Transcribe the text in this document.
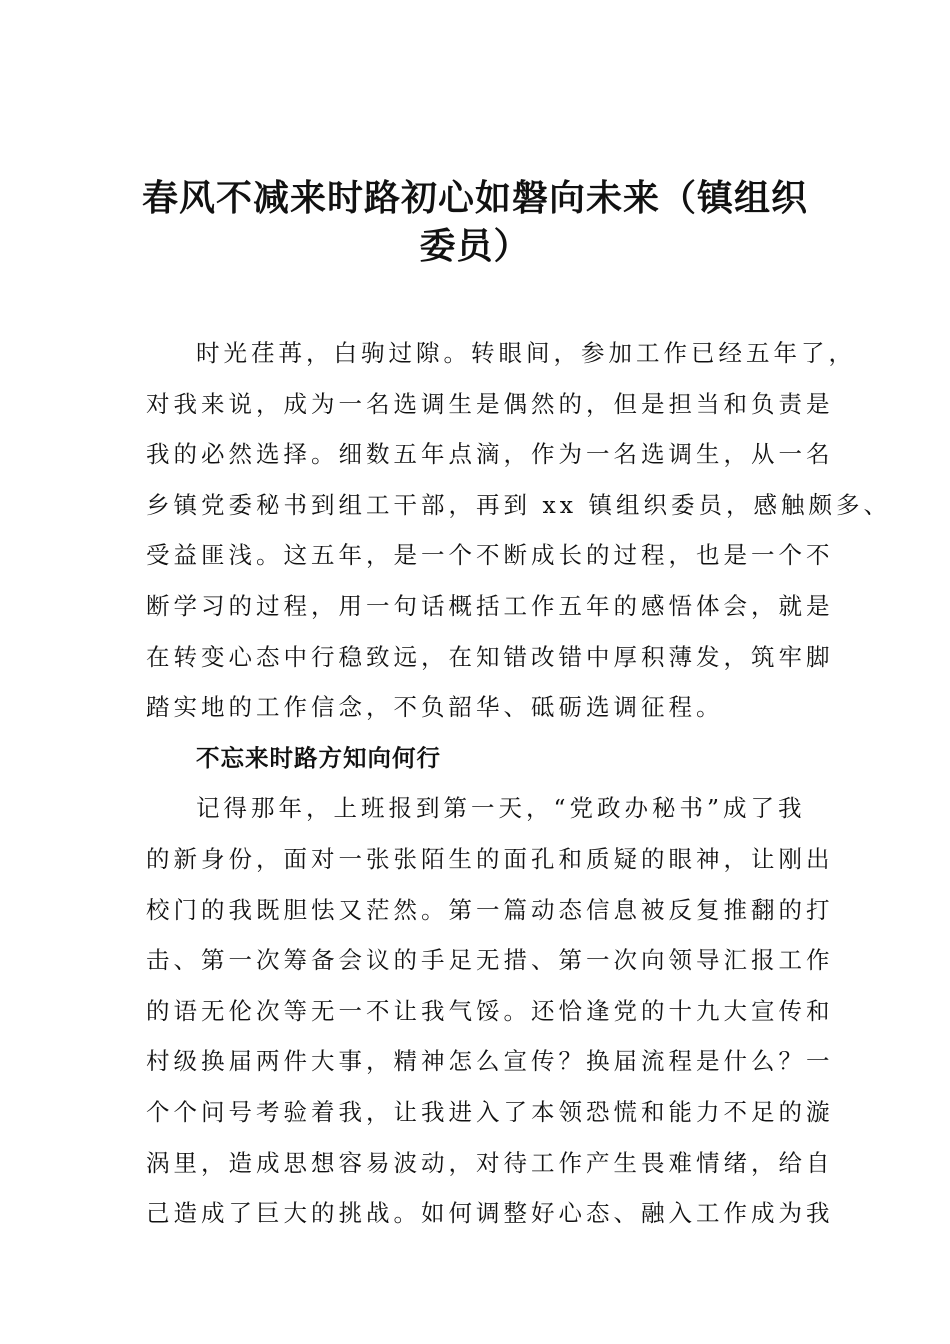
春风不减来时路初心如磐向未来（镇组织
委员）

时光荏苒，白驹过隙。转眼间，参加工作已经五年了，
对我来说，成为一名选调生是偶然的，但是担当和负责是
我的必然选择。细数五年点滴，作为一名选调生，从一名
乡镇党委秘书到组工干部，再到 xx 镇组织委员，感触颇多、
受益匪浅。这五年，是一个不断成长的过程，也是一个不
断学习的过程，用一句话概括工作五年的感悟体会，就是
在转变心态中行稳致远，在知错改错中厚积薄发，筑牢脚
踏实地的工作信念，不负韶华、砥砺选调征程。

不忘来时路方知向何行

记得那年，上班报到第一天，“党政办秘书”成了我
的新身份，面对一张张陌生的面孔和质疑的眼神，让刚出
校门的我既胆怯又茫然。第一篇动态信息被反复推翻的打
击、第一次筹备会议的手足无措、第一次向领导汇报工作
的语无伦次等无一不让我气馁。还恰逢党的十九大宣传和
村级换届两件大事，精神怎么宣传？换届流程是什么？一
个个问号考验着我，让我进入了本领恐慌和能力不足的漩
涡里，造成思想容易波动，对待工作产生畏难情绪，给自
己造成了巨大的挑战。如何调整好心态、融入工作成为我
